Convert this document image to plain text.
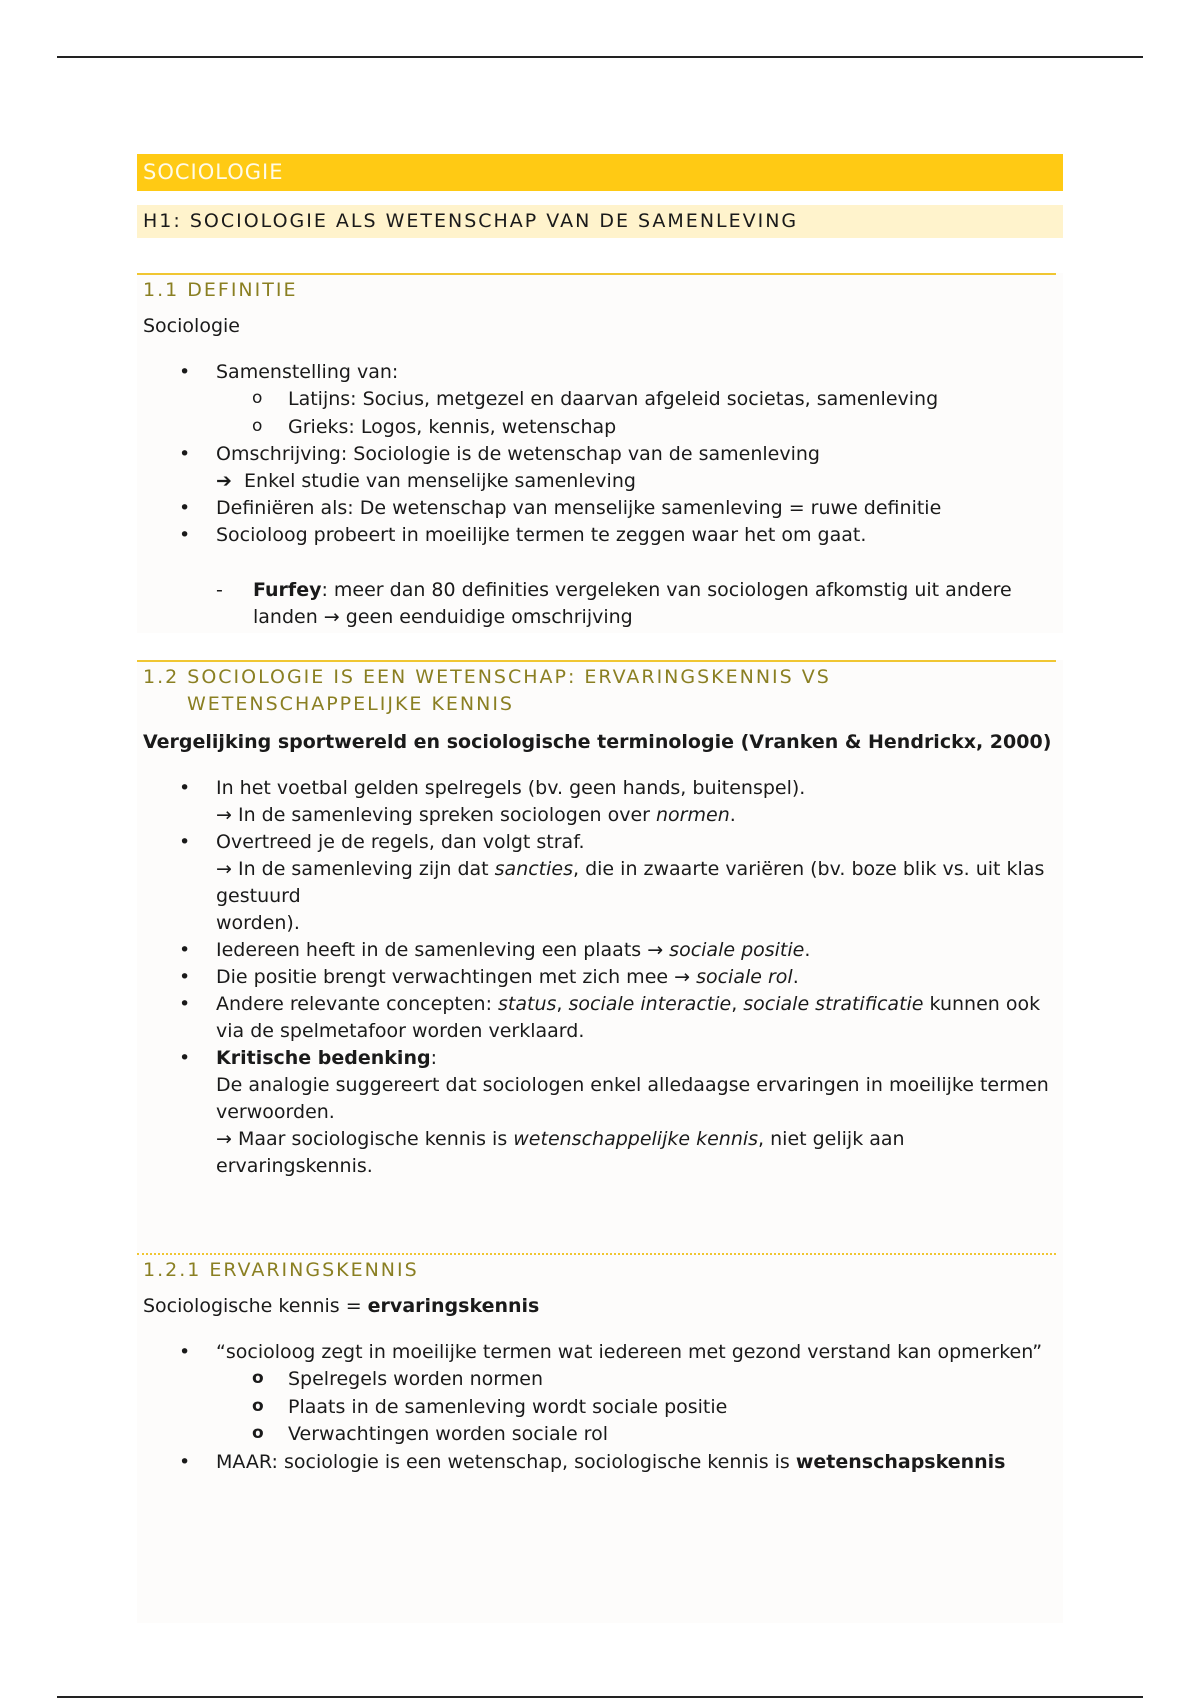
SOCIOLOGIE
H1: SOCIOLOGIE ALS WETENSCHAP VAN DE SAMENLEVING
1.1 DEFINITIE
Sociologie
• Samenstelling van:
o Latijns: Socius, metgezel en daarvan afgeleid societas, samenleving
o Grieks: Logos, kennis, wetenschap
• Omschrijving: Sociologie is de wetenschap van de samenleving
➔ Enkel studie van menselijke samenleving
• Definiëren als: De wetenschap van menselijke samenleving = ruwe definitie
• Socioloog probeert in moeilijke termen te zeggen waar het om gaat.
- Furfey: meer dan 80 definities vergeleken van sociologen afkomstig uit andere landen → geen eenduidige omschrijving
1.2 SOCIOLOGIE IS EEN WETENSCHAP: ERVARINGSKENNIS VS
WETENSCHAPPELIJKE KENNIS
Vergelijking sportwereld en sociologische terminologie (Vranken & Hendrickx, 2000)
• In het voetbal gelden spelregels (bv. geen hands, buitenspel).
→ In de samenleving spreken sociologen over normen.
• Overtreed je de regels, dan volgt straf.
→ In de samenleving zijn dat sancties, die in zwaarte variëren (bv. boze blik vs. uit klas gestuurd
worden).
• Iedereen heeft in de samenleving een plaats → sociale positie.
• Die positie brengt verwachtingen met zich mee → sociale rol.
• Andere relevante concepten: status, sociale interactie, sociale stratificatie kunnen ook via de spelmetafoor worden verklaard.
• Kritische bedenking:
De analogie suggereert dat sociologen enkel alledaagse ervaringen in moeilijke termen verwoorden.
→ Maar sociologische kennis is wetenschappelijke kennis, niet gelijk aan ervaringskennis.
1.2.1 ERVARINGSKENNIS
Sociologische kennis = ervaringskennis
• “socioloog zegt in moeilijke termen wat iedereen met gezond verstand kan opmerken”
o Spelregels worden normen
o Plaats in de samenleving wordt sociale positie
o Verwachtingen worden sociale rol
• MAAR: sociologie is een wetenschap, sociologische kennis is wetenschapskennis
